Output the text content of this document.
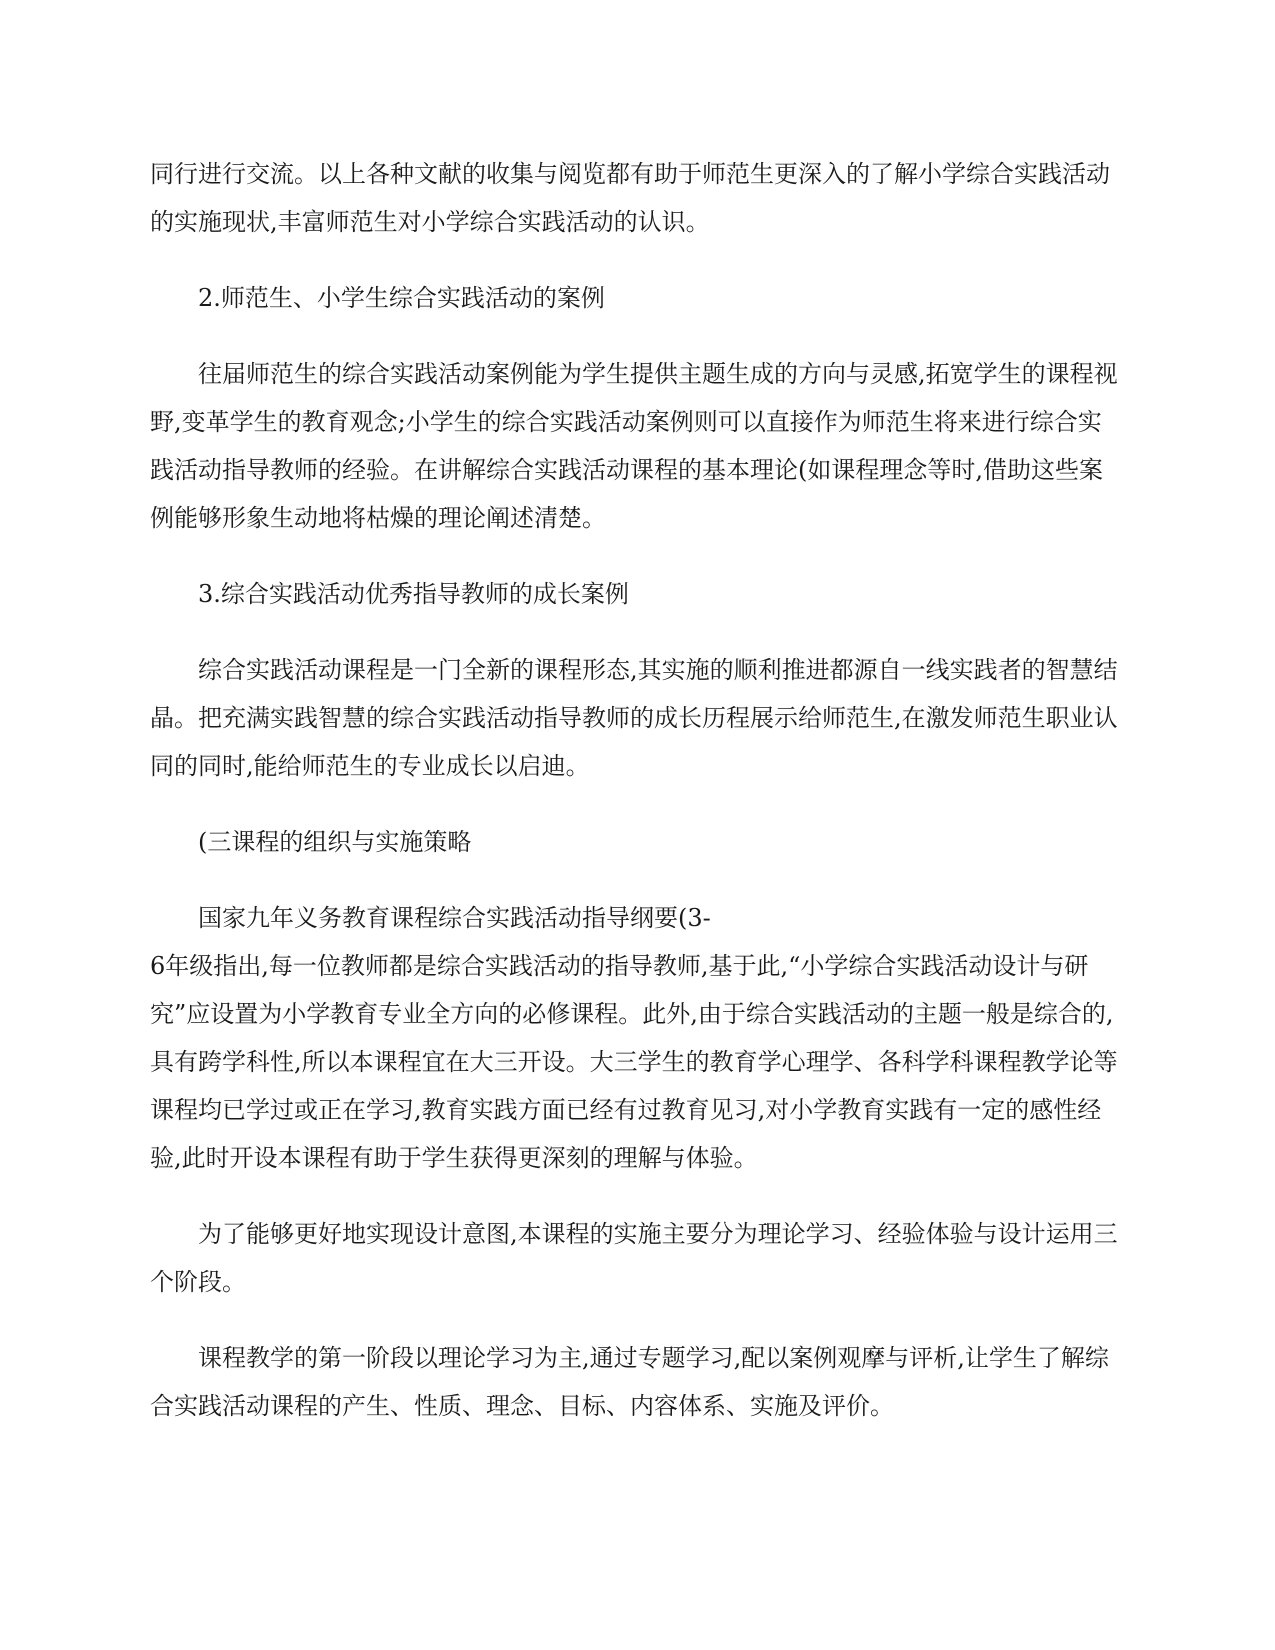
同行进行交流。以上各种文献的收集与阅览都有助于师范生更深入的了解小学综合实践活动的实施现状,丰富师范生对小学综合实践活动的认识。

2.师范生、小学生综合实践活动的案例

往届师范生的综合实践活动案例能为学生提供主题生成的方向与灵感,拓宽学生的课程视野,变革学生的教育观念;小学生的综合实践活动案例则可以直接作为师范生将来进行综合实践活动指导教师的经验。在讲解综合实践活动课程的基本理论(如课程理念等时,借助这些案例能够形象生动地将枯燥的理论阐述清楚。

3.综合实践活动优秀指导教师的成长案例

综合实践活动课程是一门全新的课程形态,其实施的顺利推进都源自一线实践者的智慧结晶。把充满实践智慧的综合实践活动指导教师的成长历程展示给师范生,在激发师范生职业认同的同时,能给师范生的专业成长以启迪。

(三课程的组织与实施策略

国家九年义务教育课程综合实践活动指导纲要(3-

6年级指出,每一位教师都是综合实践活动的指导教师,基于此,“小学综合实践活动设计与研究”应设置为小学教育专业全方向的必修课程。此外,由于综合实践活动的主题一般是综合的,具有跨学科性,所以本课程宜在大三开设。大三学生的教育学心理学、各科学科课程教学论等课程均已学过或正在学习,教育实践方面已经有过教育见习,对小学教育实践有一定的感性经验,此时开设本课程有助于学生获得更深刻的理解与体验。

为了能够更好地实现设计意图,本课程的实施主要分为理论学习、经验体验与设计运用三个阶段。

课程教学的第一阶段以理论学习为主,通过专题学习,配以案例观摩与评析,让学生了解综合实践活动课程的产生、性质、理念、目标、内容体系、实施及评价。
